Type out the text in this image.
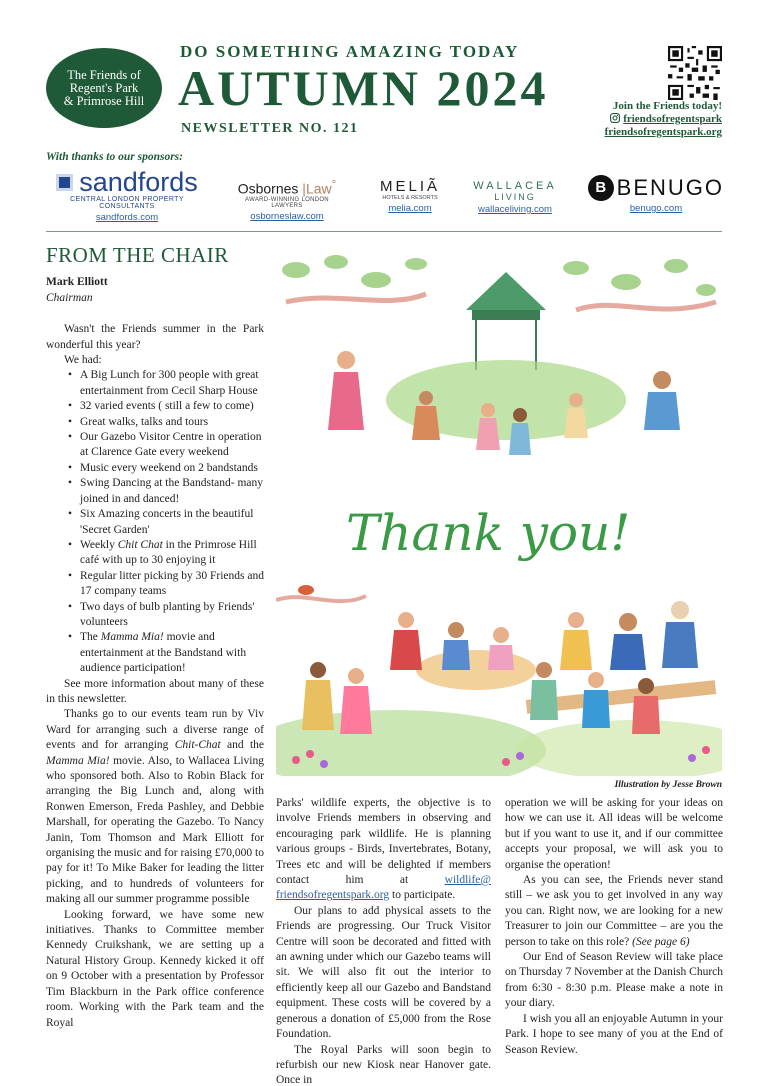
The Friends of
Regent's Park
& Primrose Hill
DO SOMETHING AMAZING TODAY
AUTUMN 2024
NEWSLETTER NO. 121
Join the Friends today!
friendsofregentspark
friendsofregentspark.org
With thanks to our sponsors:
sandfords
CENTRAL LONDON PROPERTY CONSULTANTS
sandfords.com
Osbornes |Law°
AWARD-WINNING LONDON LAWYERS
osborneslaw.com
MELIÃ
HOTELS & RESORTS
melia.com
WALLACEA
LIVING
wallaceliving.com
B BENUGO
benugo.com
FROM THE CHAIR
Mark Elliott
Chairman

Wasn't the Friends summer in the Park wonderful this year?

We had:

• A Big Lunch for 300 people with great entertainment from Cecil Sharp House
• 32 varied events ( still a few to come)
• Great walks, talks and tours
• Our Gazebo Visitor Centre in operation at Clarence Gate every weekend
• Music every weekend on 2 bandstands
• Swing Dancing at the Bandstand- many joined in and danced!
• Six Amazing concerts in the beautiful 'Secret Garden'
• Weekly Chit Chat in the Primrose Hill café with up to 30 enjoying it
• Regular litter picking by 30 Friends and 17 company teams
• Two days of bulb planting by Friends' volunteers
• The Mamma Mia! movie and entertainment at the Bandstand with audience participation!

See more information about many of these in this newsletter.

Thanks go to our events team run by Viv Ward for arranging such a diverse range of events and for arranging Chit-Chat and the Mamma Mia! movie. Also, to Wallacea Living who sponsored both. Also to Robin Black for arranging the Big Lunch and, along with Ronwen Emerson, Freda Pashley, and Debbie Marshall, for operating the Gazebo. To Nancy Janin, Tom Thomson and Mark Elliott for organising the music and for raising £70,000 to pay for it! To Mike Baker for leading the litter picking, and to hundreds of volunteers for making all our summer programme possible

Looking forward, we have some new initiatives. Thanks to Committee member Kennedy Cruikshank, we are setting up a Natural History Group. Kennedy kicked it off on 9 October with a presentation by Professor Tim Blackburn in the Park office conference room. Working with the Park team and the Royal

Thank you!
Illustration by Jesse Brown

Parks' wildlife experts, the objective is to involve Friends members in observing and encouraging park wildlife. He is planning various groups - Birds, Invertebrates, Botany, Trees etc and will be delighted if members contact him at wildlife@ friendsofregentspark.org to participate.

Our plans to add physical assets to the Friends are progressing. Our Truck Visitor Centre will soon be decorated and fitted with an awning under which our Gazebo teams will sit. We will also fit out the interior to efficiently keep all our Gazebo and Bandstand equipment. These costs will be covered by a generous a donation of £5,000 from the Rose Foundation.

The Royal Parks will soon begin to refurbish our new Kiosk near Hanover gate. Once in

operation we will be asking for your ideas on how we can use it. All ideas will be welcome but if you want to use it, and if our committee accepts your proposal, we will ask you to organise the operation!

As you can see, the Friends never stand still – we ask you to get involved in any way you can. Right now, we are looking for a new Treasurer to join our Committee – are you the person to take on this role? (See page 6)

Our End of Season Review will take place on Thursday 7 November at the Danish Church from 6:30 - 8:30 p.m. Please make a note in your diary.

I wish you all an enjoyable Autumn in your Park. I hope to see many of you at the End of Season Review.
